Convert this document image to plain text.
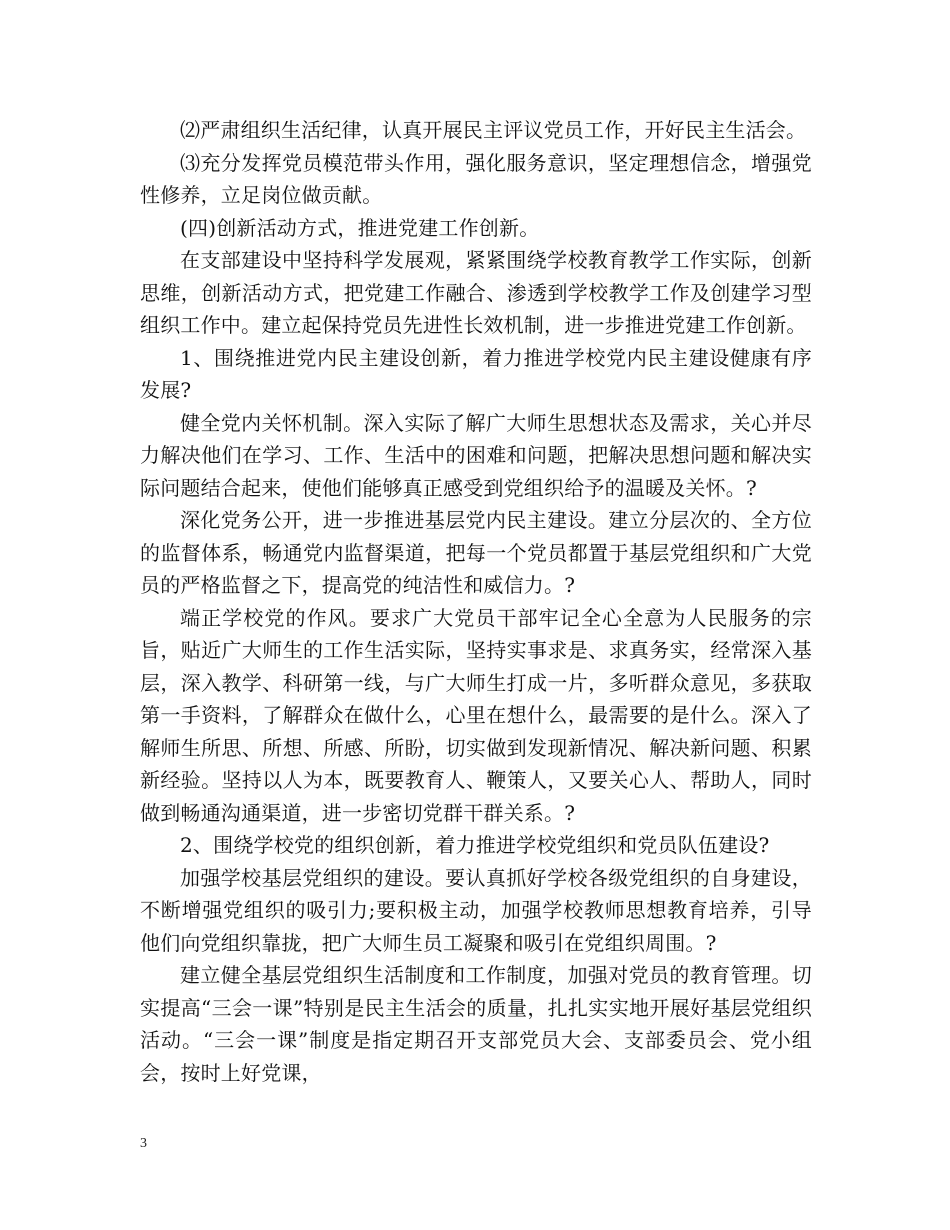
⑵严肃组织生活纪律，认真开展民主评议党员工作，开好民主生活会。

⑶充分发挥党员模范带头作用，强化服务意识，坚定理想信念，增强党性修养，立足岗位做贡献。

(四)创新活动方式，推进党建工作创新。

在支部建设中坚持科学发展观，紧紧围绕学校教育教学工作实际，创新思维，创新活动方式，把党建工作融合、渗透到学校教学工作及创建学习型组织工作中。建立起保持党员先进性长效机制，进一步推进党建工作创新。

1、围绕推进党内民主建设创新，着力推进学校党内民主建设健康有序发展?

健全党内关怀机制。深入实际了解广大师生思想状态及需求，关心并尽力解决他们在学习、工作、生活中的困难和问题，把解决思想问题和解决实际问题结合起来，使他们能够真正感受到党组织给予的温暖及关怀。?

深化党务公开，进一步推进基层党内民主建设。建立分层次的、全方位的监督体系，畅通党内监督渠道，把每一个党员都置于基层党组织和广大党员的严格监督之下，提高党的纯洁性和威信力。?

端正学校党的作风。要求广大党员干部牢记全心全意为人民服务的宗旨，贴近广大师生的工作生活实际，坚持实事求是、求真务实，经常深入基层，深入教学、科研第一线，与广大师生打成一片，多听群众意见，多获取第一手资料，了解群众在做什么，心里在想什么，最需要的是什么。深入了解师生所思、所想、所感、所盼，切实做到发现新情况、解决新问题、积累新经验。坚持以人为本，既要教育人、鞭策人，又要关心人、帮助人，同时做到畅通沟通渠道，进一步密切党群干群关系。?

2、围绕学校党的组织创新，着力推进学校党组织和党员队伍建设?

加强学校基层党组织的建设。要认真抓好学校各级党组织的自身建设，不断增强党组织的吸引力;要积极主动，加强学校教师思想教育培养，引导他们向党组织靠拢，把广大师生员工凝聚和吸引在党组织周围。?

建立健全基层党组织生活制度和工作制度，加强对党员的教育管理。切实提高“三会一课”特别是民主生活会的质量，扎扎实实地开展好基层党组织活动。“三会一课”制度是指定期召开支部党员大会、支部委员会、党小组会，按时上好党课，

3
